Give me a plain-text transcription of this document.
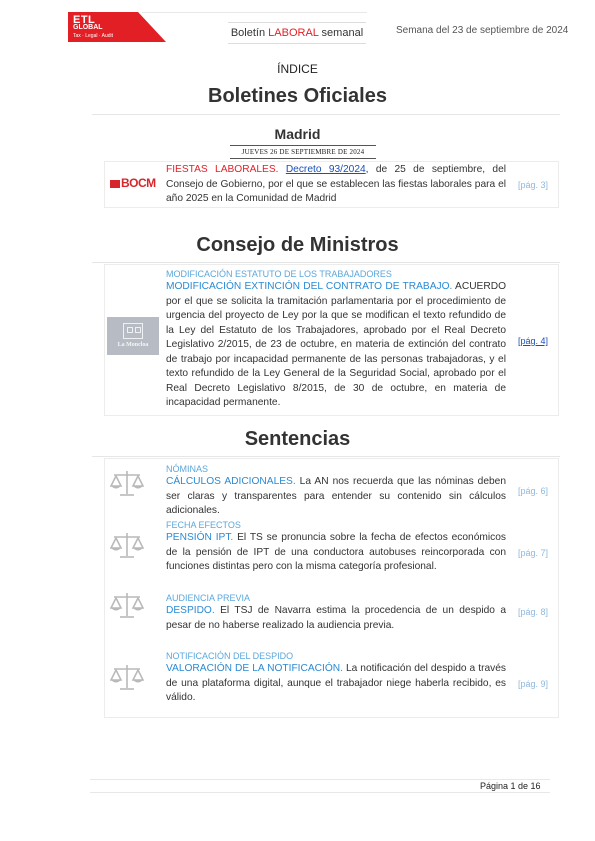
ETL
GLOBAL
Tax · Legal · Audit	Boletín LABORAL semanal	Semana del 23 de septiembre de 2024
ÍNDICE
Boletines Oficiales
Madrid
JUEVES 26 DE SEPTIEMBRE DE 2024
BOCM
FIESTAS LABORALES. Decreto 93/2024, de 25 de septiembre, del Consejo de Gobierno, por el que se establecen las fiestas laborales para el año 2025 en la Comunidad de Madrid
[pág. 3]
Consejo de Ministros
La Moncloa
MODIFICACIÓN ESTATUTO DE LOS TRABAJADORES
MODIFICACIÓN EXTINCIÓN DEL CONTRATO DE TRABAJO. ACUERDO por el que se solicita la tramitación parlamentaria por el procedimiento de urgencia del proyecto de Ley por la que se modifican el texto refundido de la Ley del Estatuto de los Trabajadores, aprobado por el Real Decreto Legislativo 2/2015, de 23 de octubre, en materia de extinción del contrato de trabajo por incapacidad permanente de las personas trabajadoras, y el texto refundido de la Ley General de la Seguridad Social, aprobado por el Real Decreto Legislativo 8/2015, de 30 de octubre, en materia de incapacidad permanente.
[pág. 4]
Sentencias
NÓMINAS
CÁLCULOS ADICIONALES. La AN nos recuerda que las nóminas deben ser claras y transparentes para entender su contenido sin cálculos adicionales.
[pág. 6]
FECHA EFECTOS
PENSIÓN IPT. El TS se pronuncia sobre la fecha de efectos económicos de la pensión de IPT de una conductora autobuses reincorporada con funciones distintas pero con la misma categoría profesional.
[pág. 7]
AUDIENCIA PREVIA
DESPIDO. El TSJ de Navarra estima la procedencia de un despido a pesar de no haberse realizado la audiencia previa.
[pág. 8]
NOTIFICACIÓN DEL DESPIDO
VALORACIÓN DE LA NOTIFICACIÓN. La notificación del despido a través de una plataforma digital, aunque el trabajador niege haberla recibido, es válido.
[pág. 9]
Página 1 de 16
